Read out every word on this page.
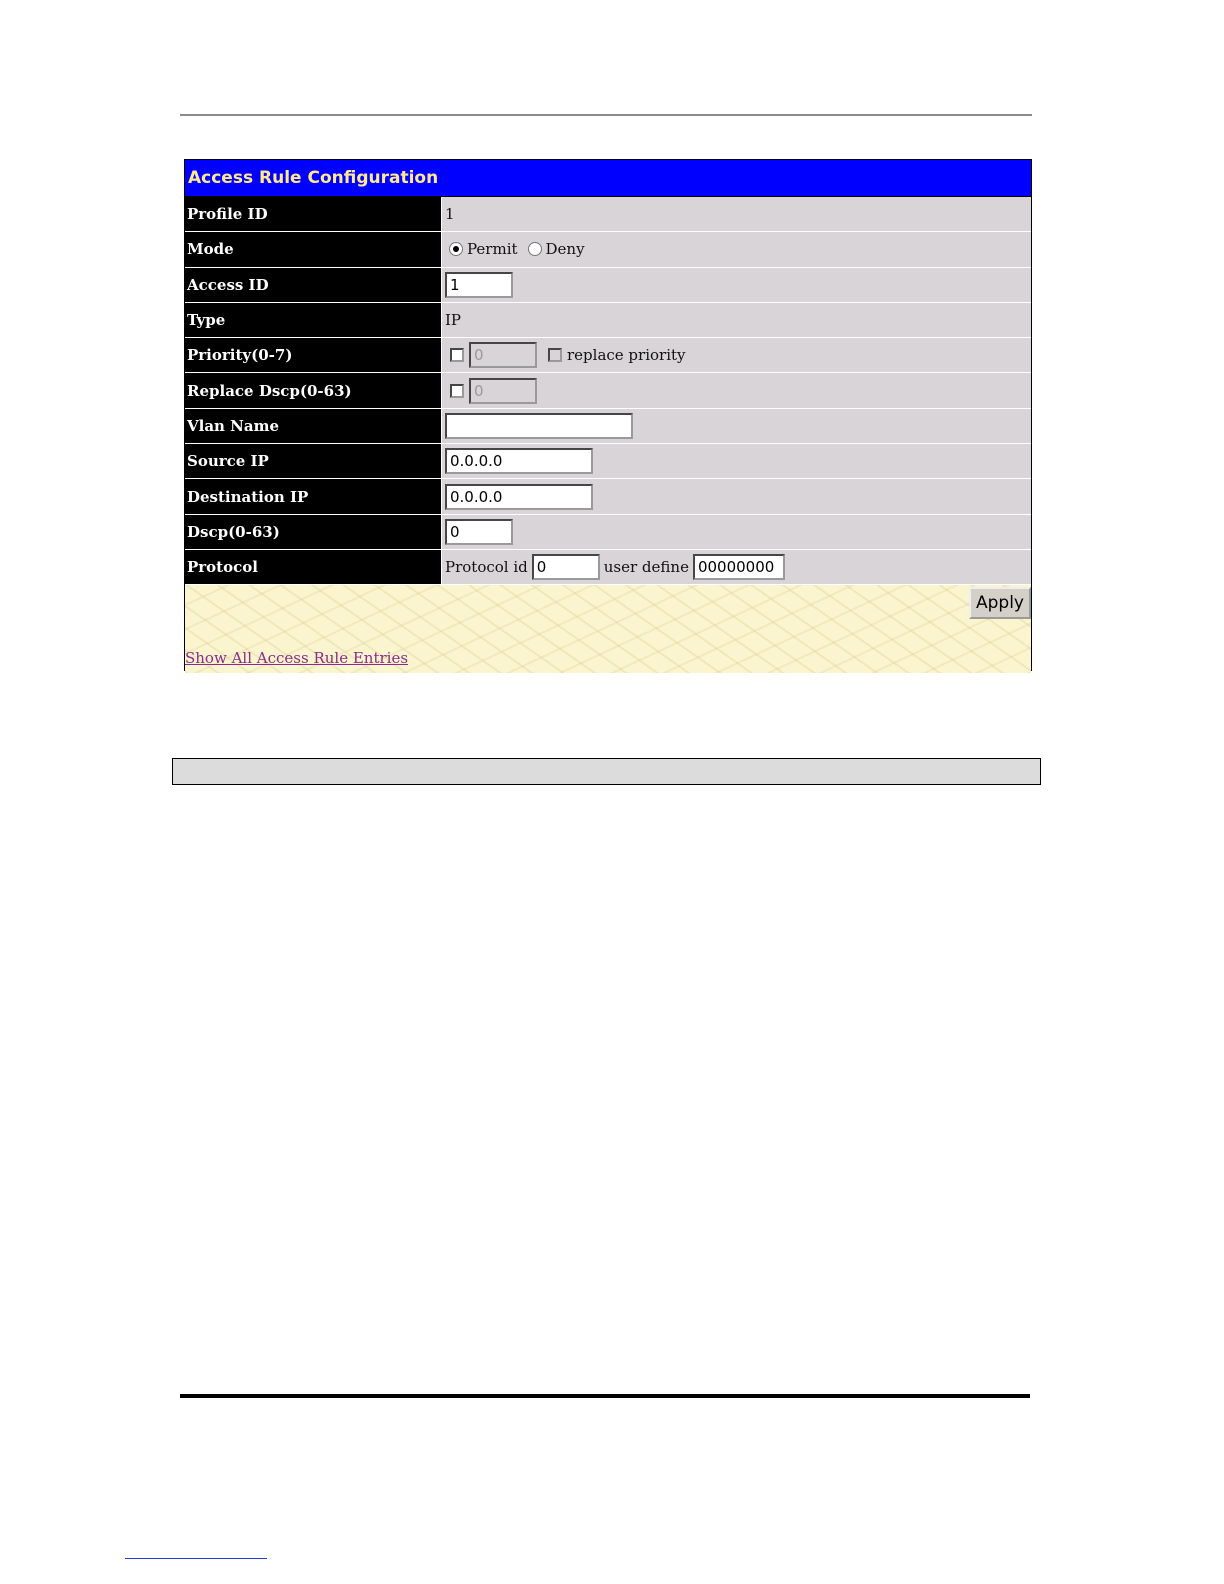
Access Rule Configuration
Profile ID	1
Mode	Permit Deny
Access ID	1
Type	IP
Priority(0-7)	0	replace priority
Replace Dscp(0-63)	0
Vlan Name
Source IP	0.0.0.0
Destination IP	0.0.0.0
Dscp(0-63)	0
Protocol	Protocol id 0	user define 00000000
Apply
Show All Access Rule Entries
